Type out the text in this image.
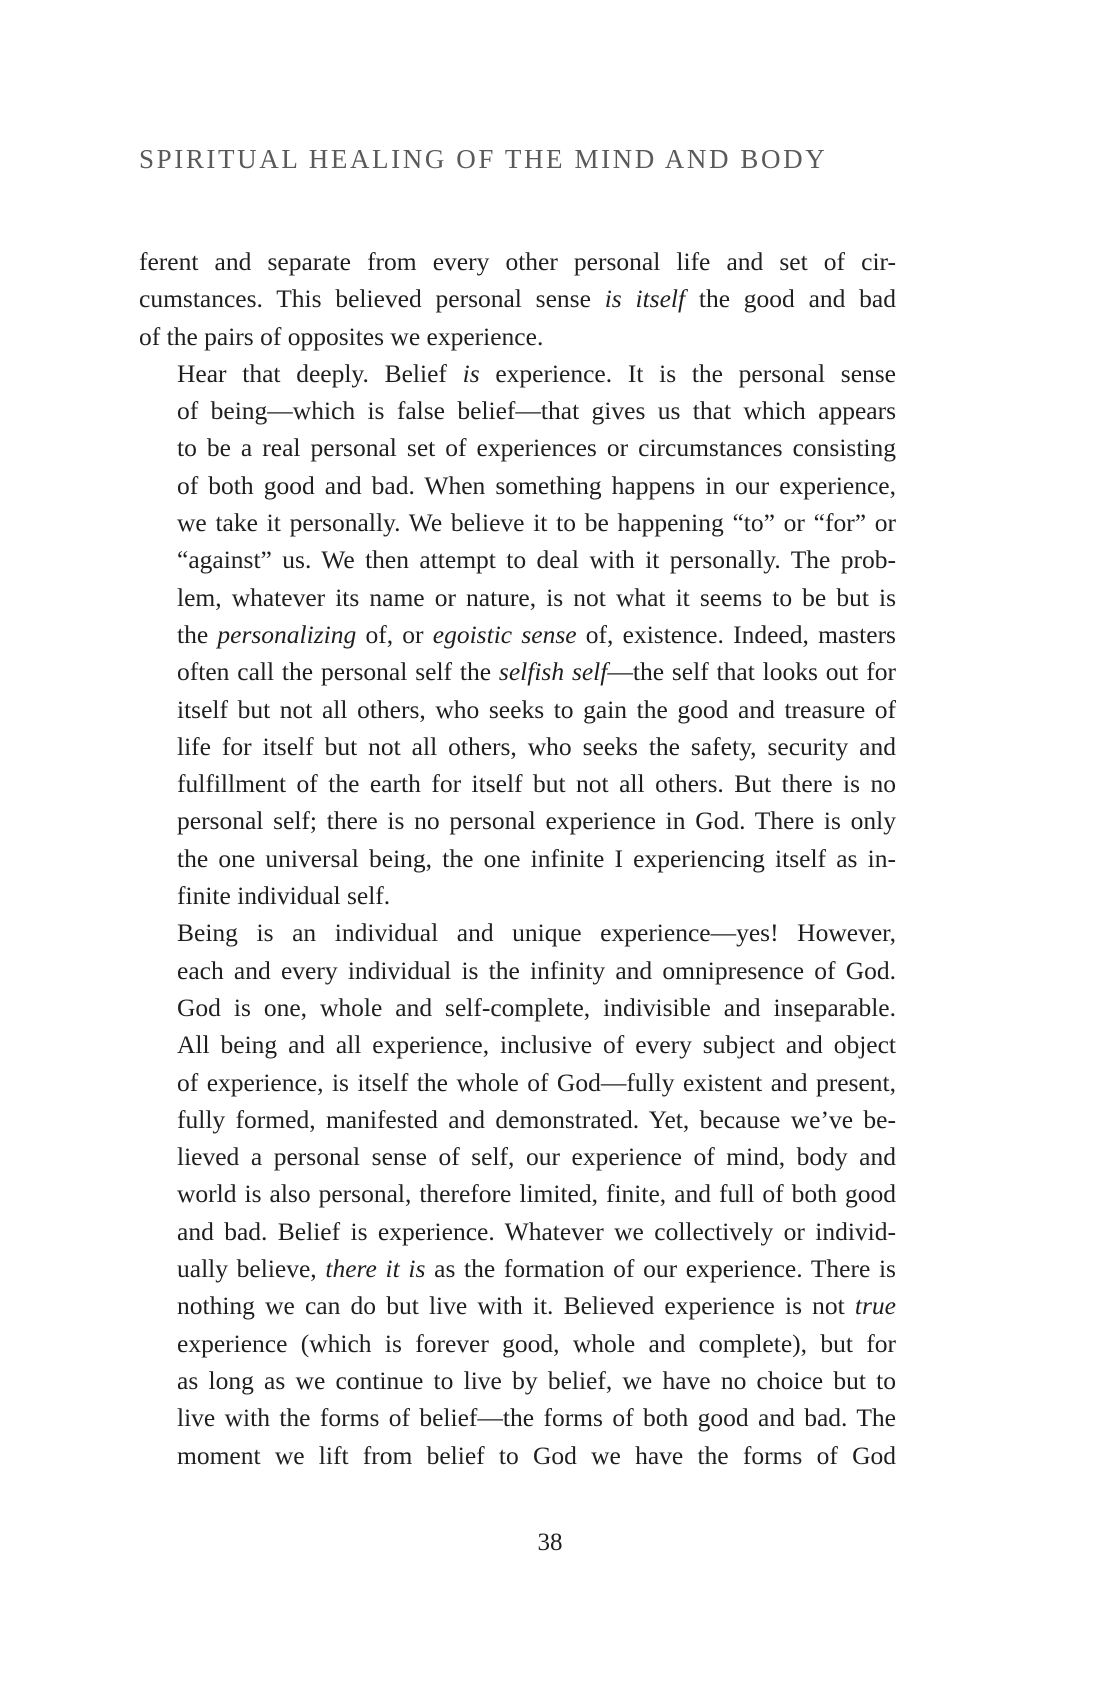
SPIRITUAL HEALING OF THE MIND AND BODY

ferent and separate from every other personal life and set of cir-
cumstances. This believed personal sense is itself the good and bad
of the pairs of opposites we experience.

Hear that deeply. Belief is experience. It is the personal sense
of being—which is false belief—that gives us that which appears
to be a real personal set of experiences or circumstances consisting
of both good and bad. When something happens in our experience,
we take it personally. We believe it to be happening “to” or “for” or
“against” us. We then attempt to deal with it personally. The prob-
lem, whatever its name or nature, is not what it seems to be but is
the personalizing of, or egoistic sense of, existence. Indeed, masters
often call the personal self the selfish self—the self that looks out for
itself but not all others, who seeks to gain the good and treasure of
life for itself but not all others, who seeks the safety, security and
fulfillment of the earth for itself but not all others. But there is no
personal self; there is no personal experience in God. There is only
the one universal being, the one infinite I experiencing itself as in-
finite individual self.

Being is an individual and unique experience—yes! However,
each and every individual is the infinity and omnipresence of God.
God is one, whole and self-complete, indivisible and inseparable.
All being and all experience, inclusive of every subject and object
of experience, is itself the whole of God—fully existent and present,
fully formed, manifested and demonstrated. Yet, because we’ve be-
lieved a personal sense of self, our experience of mind, body and
world is also personal, therefore limited, finite, and full of both good
and bad. Belief is experience. Whatever we collectively or individ-
ually believe, there it is as the formation of our experience. There is
nothing we can do but live with it. Believed experience is not true
experience (which is forever good, whole and complete), but for
as long as we continue to live by belief, we have no choice but to
live with the forms of belief—the forms of both good and bad. The
moment we lift from belief to God we have the forms of God

38
